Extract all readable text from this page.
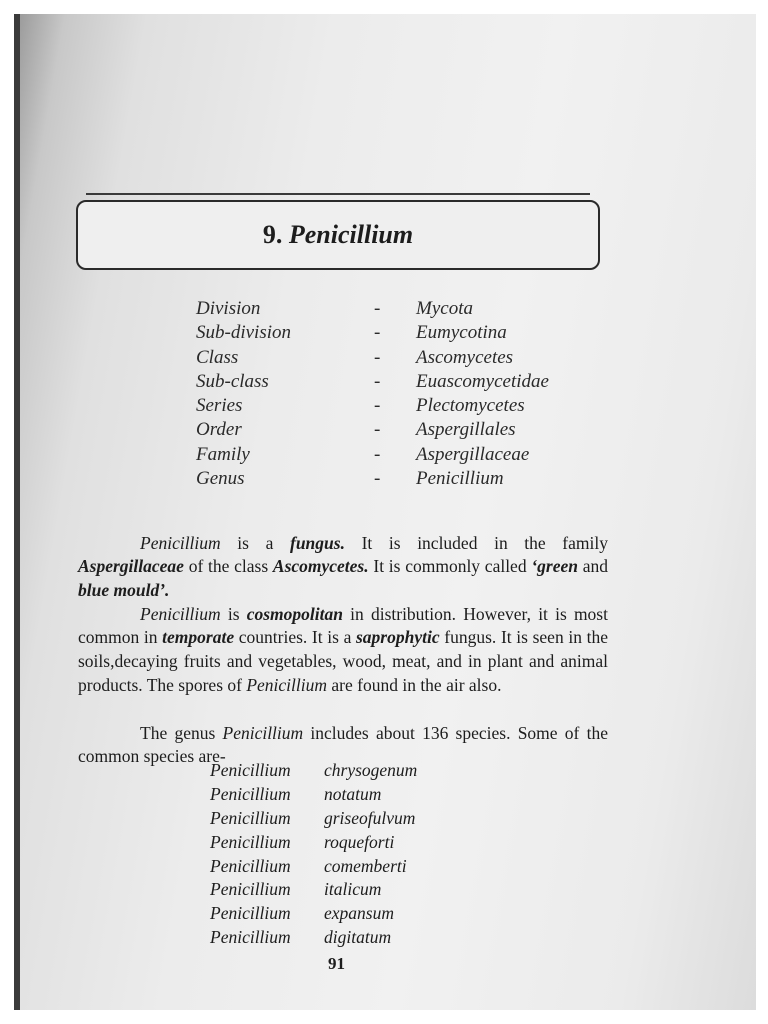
9. Penicillium
Division	-	Mycota
Sub-division	-	Eumycotina
Class	-	Ascomycetes
Sub-class	-	Euascomycetidae
Series	-	Plectomycetes
Order	-	Aspergillales
Family	-	Aspergillaceae
Genus	-	Penicillium

Penicillium is a fungus. It is included in the family Aspergillaceae of the class Ascomycetes. It is commonly called ‘green and blue mould’.

Penicillium is cosmopolitan in distribution. However, it is most common in temporate countries. It is a saprophytic fungus. It is seen in the soils,decaying fruits and vegetables, wood, meat, and in plant and animal products. The spores of Penicillium are found in the air also.

The genus Penicillium includes about 136 species. Some of the common species are-

Penicillium	chrysogenum
Penicillium	notatum
Penicillium	griseofulvum
Penicillium	roqueforti
Penicillium	comemberti
Penicillium	italicum
Penicillium	expansum
Penicillium	digitatum
91
